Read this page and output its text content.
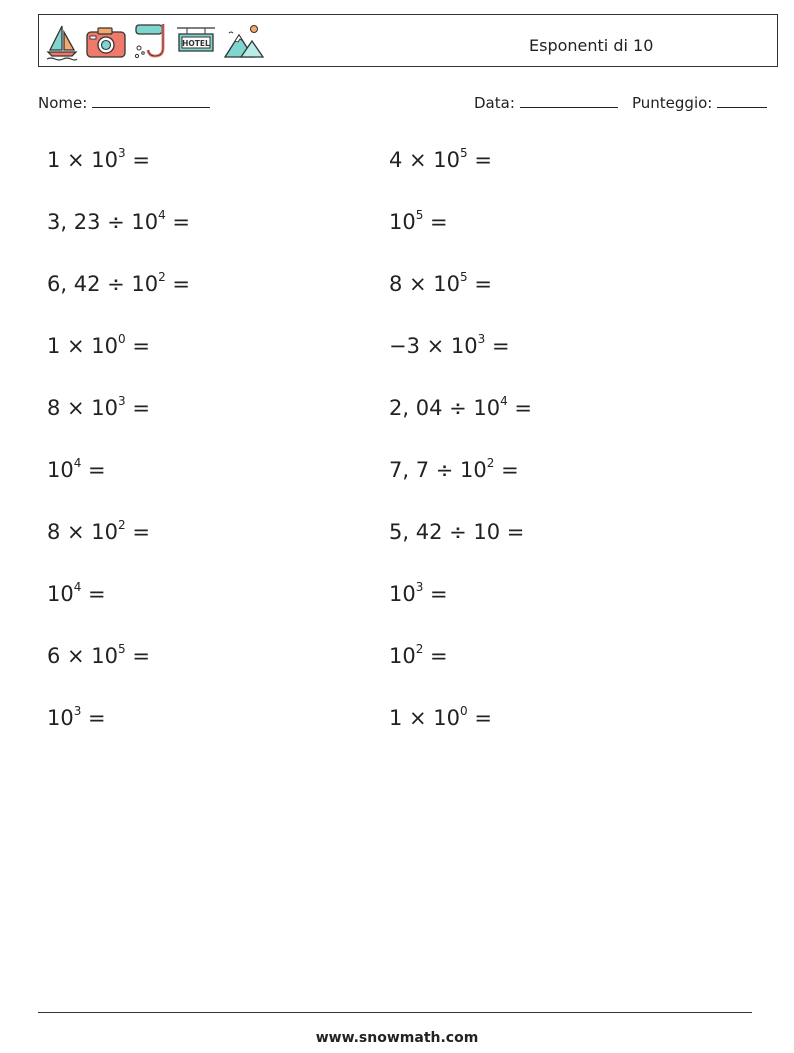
HOTEL	Esponenti di 10
Nome:	Data:	Punteggio:
$1 \times 10^3$ =
3, $23 \div 10^4$ =
6, $42 \div 10^2$ =
$1 \times 10^0$ =
$8 \times 10^3$ =
$10^4$ =
$8 \times 10^2$ =
$10^4$ =
$6 \times 10^5$ =
$10^3$ =
$4 \times 10^5$ =
$10^5$ =
$8 \times 10^5$ =
$-3 \times 10^3$ =
2, $04 \div 10^4$ =
7, $7 \div 10^2$ =
5, 42 ÷ 10 =
$10^3$ =
$10^2$ =
$1 \times 10^0$ =
www.snowmath.com
